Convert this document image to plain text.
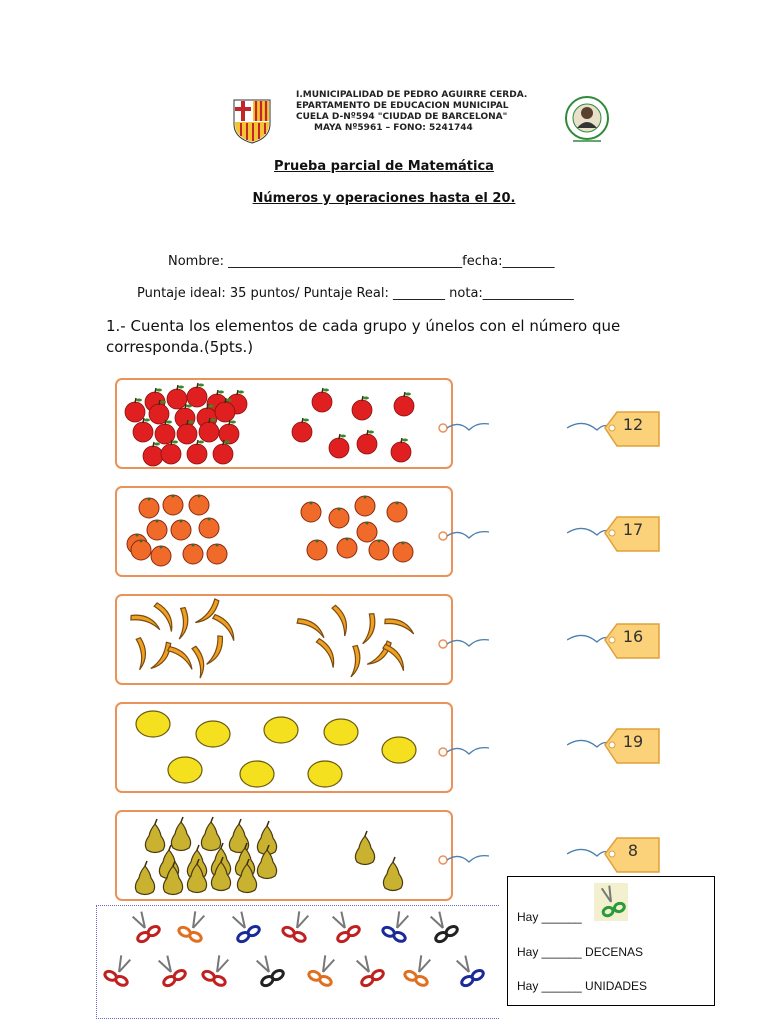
I.MUNICIPALIDAD DE PEDRO AGUIRRE CERDA.
EPARTAMENTO DE EDUCACION MUNICIPAL
CUELA D-Nº594 "CIUDAD DE BARCELONA"
MAYA Nº5961 – FONO: 5241744
Prueba parcial de Matemática
Números y operaciones hasta el 20.
Nombre: ____________________________________fecha:________
Puntaje ideal: 35 puntos/ Puntaje Real: ________ nota:______________
1.- Cuenta los elementos de cada grupo y únelos con el número que corresponda.(5pts.)
12
17
16
19
8
Hay ______
Hay ______ DECENAS
Hay ______ UNIDADES
